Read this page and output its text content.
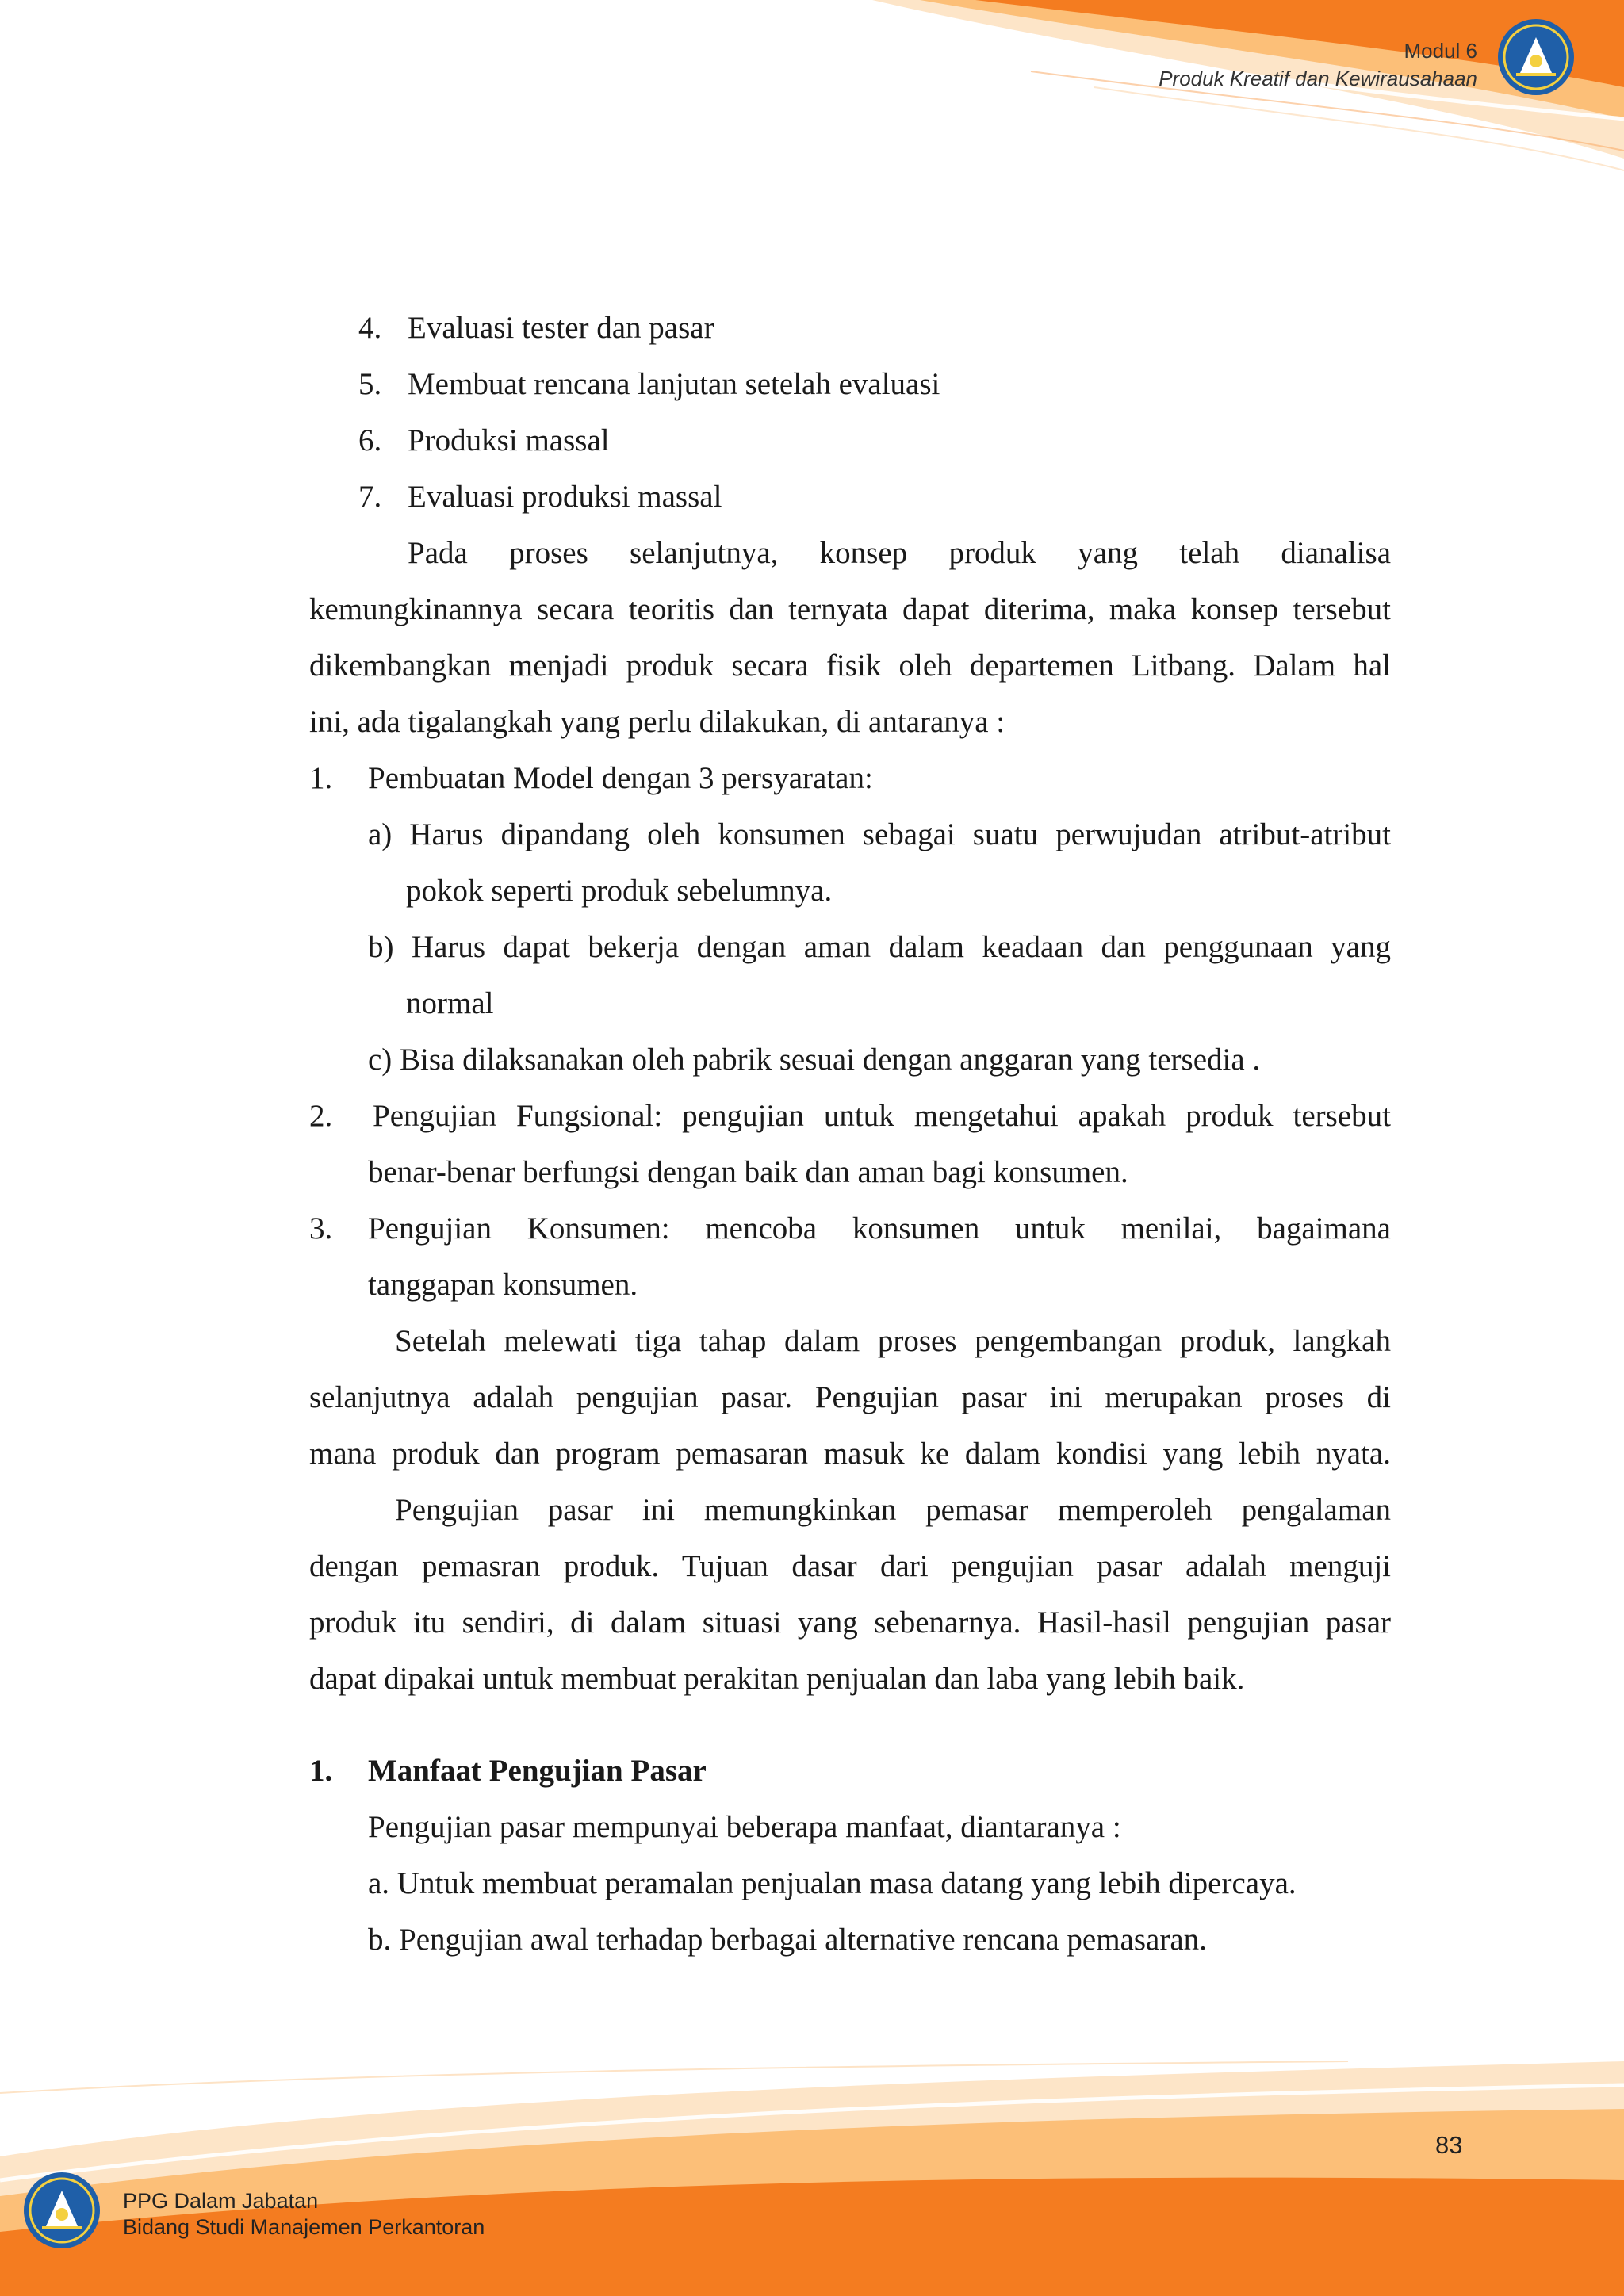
Modul 6
Produk Kreatif dan Kewirausahaan
PPG Dalam Jabatan
Bidang Studi Manajemen Perkantoran
83
4. Evaluasi tester dan pasar
5. Membuat rencana lanjutan setelah evaluasi
6. Produksi massal
7. Evaluasi produksi massal
Pada proses selanjutnya, konsep produk yang telah dianalisa
kemungkinannya secara teoritis dan ternyata dapat diterima, maka konsep tersebut
dikembangkan menjadi produk secara fisik oleh departemen Litbang. Dalam hal
ini, ada tigalangkah yang perlu dilakukan, di antaranya :
1. Pembuatan Model dengan 3 persyaratan:
a) Harus dipandang oleh konsumen sebagai suatu perwujudan atribut-atribut
pokok seperti produk sebelumnya.
b) Harus dapat bekerja dengan aman dalam keadaan dan penggunaan yang
normal
c) Bisa dilaksanakan oleh pabrik sesuai dengan anggaran yang tersedia .
2. Pengujian Fungsional: pengujian untuk mengetahui apakah produk tersebut
benar-benar berfungsi dengan baik dan aman bagi konsumen.
3. Pengujian Konsumen: mencoba konsumen untuk menilai, bagaimana
tanggapan konsumen.
Setelah melewati tiga tahap dalam proses pengembangan produk, langkah
selanjutnya adalah pengujian pasar. Pengujian pasar ini merupakan proses di
mana produk dan program pemasaran masuk ke dalam kondisi yang lebih nyata.
Pengujian pasar ini memungkinkan pemasar memperoleh pengalaman
dengan pemasran produk. Tujuan dasar dari pengujian pasar adalah menguji
produk itu sendiri, di dalam situasi yang sebenarnya. Hasil-hasil pengujian pasar
dapat dipakai untuk membuat perakitan penjualan dan laba yang lebih baik.
1. Manfaat Pengujian Pasar
Pengujian pasar mempunyai beberapa manfaat, diantaranya :
a. Untuk membuat peramalan penjualan masa datang yang lebih dipercaya.
b. Pengujian awal terhadap berbagai alternative rencana pemasaran.
